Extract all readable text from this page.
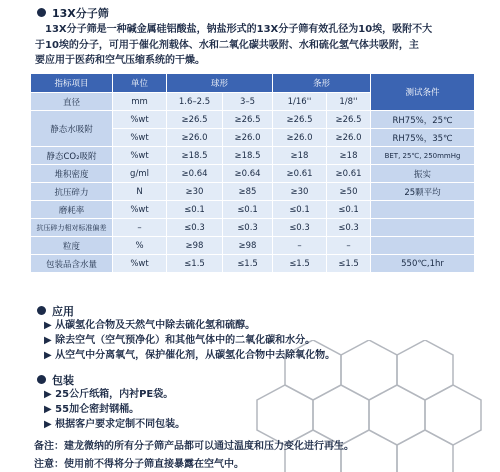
13X分子筛
13X分子筛是一种碱金属硅铝酸盐，钠盐形式的13X分子筛有效孔径为10埃，吸附不大
于10埃的分子，可用于催化剂载体、水和二氧化碳共吸附、水和硫化氢气体共吸附，主
要应用于医药和空气压缩系统的干燥。
指标项目	单位	球形		条形		测试条件
直径	mm	1.6–2.5	3–5	1/16''	1/8''	
静态水吸附	%wt	≥26.5	≥26.5	≥26.5	≥26.5	RH75%，25℃
	%wt	≥26.0	≥26.0	≥26.0	≥26.0	RH75%，35℃
静态CO₂吸附	%wt	≥18.5	≥18.5	≥18	≥18	BET, 25℃, 250mmHg
堆积密度	g/ml	≥0.64	≥0.64	≥0.61	≥0.61	振实
抗压碎力	N	≥30	≥85	≥30	≥50	25颗平均
磨耗率	%wt	≤0.1	≤0.1	≤0.1	≤0.1	
抗压碎力相对标准偏差	–	≤0.3	≤0.3	≤0.3	≤0.3	
粒度	%	≥98	≥98	–	–	
包装品含水量	%wt	≤1.5	≤1.5	≤1.5	≤1.5	550℃,1hr
应用
▶ 从碳氢化合物及天然气中除去硫化氢和硫醇。
▶ 除去空气（空气预净化）和其他气体中的二氧化碳和水分。
▶ 从空气中分离氧气，保护催化剂，从碳氢化合物中去除氧化物。
包装
▶ 25公斤纸箱，内衬PE袋。
▶ 55加仑密封钢桶。
▶ 根据客户要求定制不同包装。
备注：建龙微纳的所有分子筛产品都可以通过温度和压力变化进行再生。
注意：使用前不得将分子筛直接暴露在空气中。
